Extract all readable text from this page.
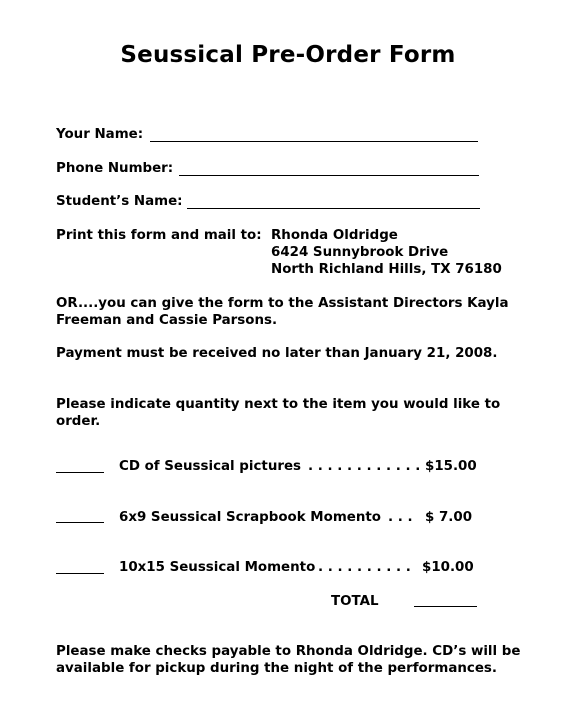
Seussical Pre-Order Form
Your Name:
Phone Number:
Student’s Name:
Print this form and mail to: Rhonda Oldridge
6424 Sunnybrook Drive
North Richland Hills, TX 76180
OR....you can give the form to the Assistant Directors Kayla Freeman and Cassie Parsons.
Payment must be received no later than January 21, 2008.
Please indicate quantity next to the item you would like to order.
CD of Seussical pictures . . . . . . . . . . . . $15.00
6x9 Seussical Scrapbook Momento . . . $ 7.00
10x15 Seussical Momento . . . . . . . . . . $10.00
TOTAL
Please make checks payable to Rhonda Oldridge. CD’s will be available for pickup during the night of the performances.
